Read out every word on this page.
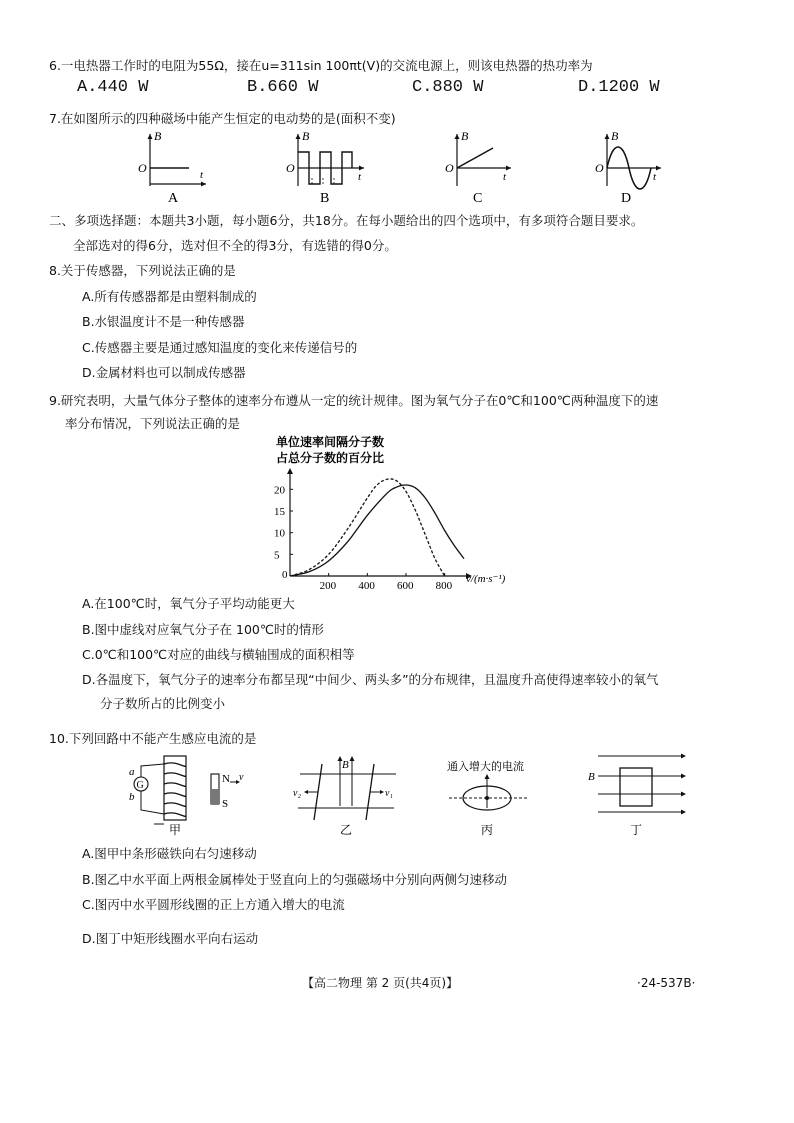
6.一电热器工作时的电阻为55Ω，接在u=311sin 100πt(V)的交流电源上，则该电热器的热功率为
A.440 W	B.660 W	C.880 W	D.1200 W
7.在如图所示的四种磁场中能产生恒定的电动势的是(面积不变)
B
O	t
A
B
O
t
B
B
O
t
C
B
O
t
D
二、多项选择题：本题共3小题，每小题6分，共18分。在每小题给出的四个选项中，有多项符合题目要求。
全部选对的得6分，选对但不全的得3分，有选错的得0分。
8.关于传感器，下列说法正确的是
A.所有传感器都是由塑料制成的
B.水银温度计不是一种传感器
C.传感器主要是通过感知温度的变化来传递信号的
D.金属材料也可以制成传感器
9.研究表明，大量气体分子整体的速率分布遵从一定的统计规律。图为氧气分子在0℃和100℃两种温度下的速
率分布情况，下列说法正确的是
单位速率间隔分子数
占总分子数的百分比
200 400 600 800
5
10
15
20
v/(m·s⁻¹)
0
A.在100℃时，氧气分子平均动能更大
B.图中虚线对应氧气分子在 100℃时的情形
C.0℃和100℃对应的曲线与横轴围成的面积相等
D.各温度下，氧气分子的速率分布都呈现“中间少、两头多”的分布规律，且温度升高使得速率较小的氧气
分子数所占的比例变小
10.下列回路中不能产生感应电流的是
G
a
b
N
S
v
甲
B
v₂	v₁
乙
通入增大的电流
丙
B
丁
A.图甲中条形磁铁向右匀速移动
B.图乙中水平面上两根金属棒处于竖直向上的匀强磁场中分别向两侧匀速移动
C.图丙中水平圆形线圈的正上方通入增大的电流
D.图丁中矩形线圈水平向右运动
【高二物理 第 2 页(共4页)】	·24-537B·
